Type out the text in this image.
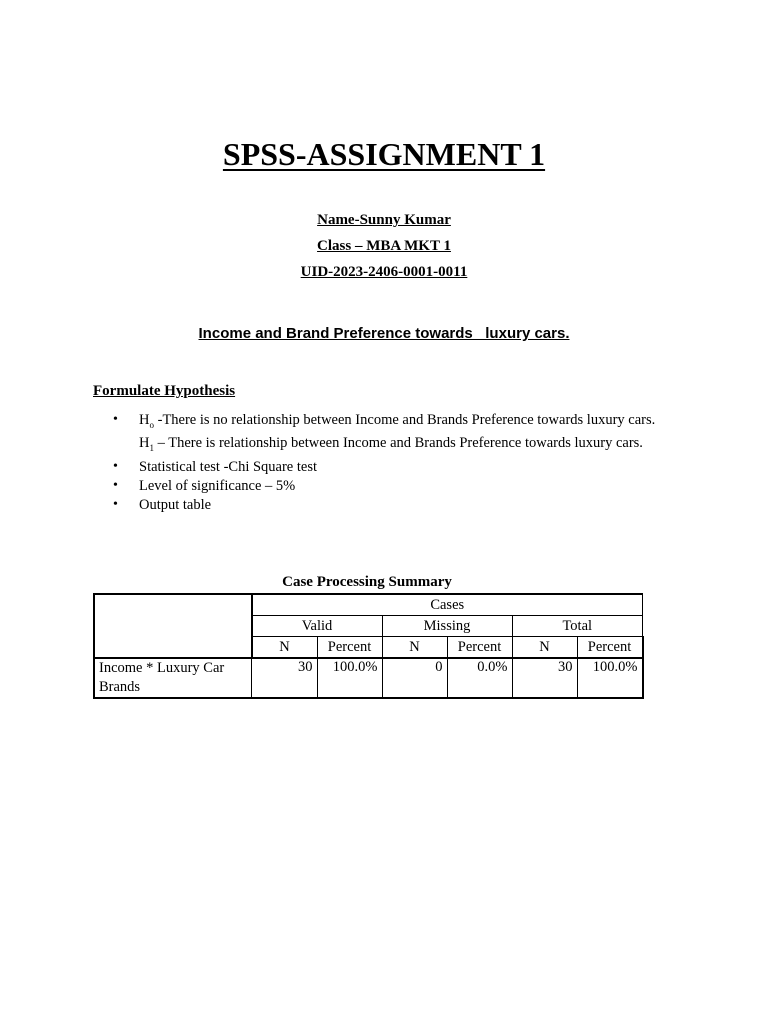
SPSS-ASSIGNMENT 1

Name-Sunny Kumar

Class – MBA MKT 1

UID-2023-2406-0001-0011

Income and Brand Preference towards   luxury cars.

Formulate Hypothesis

• $H_o$ -There is no relationship between Income and Brands Preference towards luxury cars.
$H_1$ – There is relationship between Income and Brands Preference towards luxury cars.
• Statistical test -Chi Square test
• Level of significance – 5%
• Output table

Case Processing Summary

	Cases					
	Valid		Missing		Total	
	N	Percent	N	Percent	N	Percent
Income * Luxury Car Brands	30	100.0%	0	0.0%	30	100.0%
